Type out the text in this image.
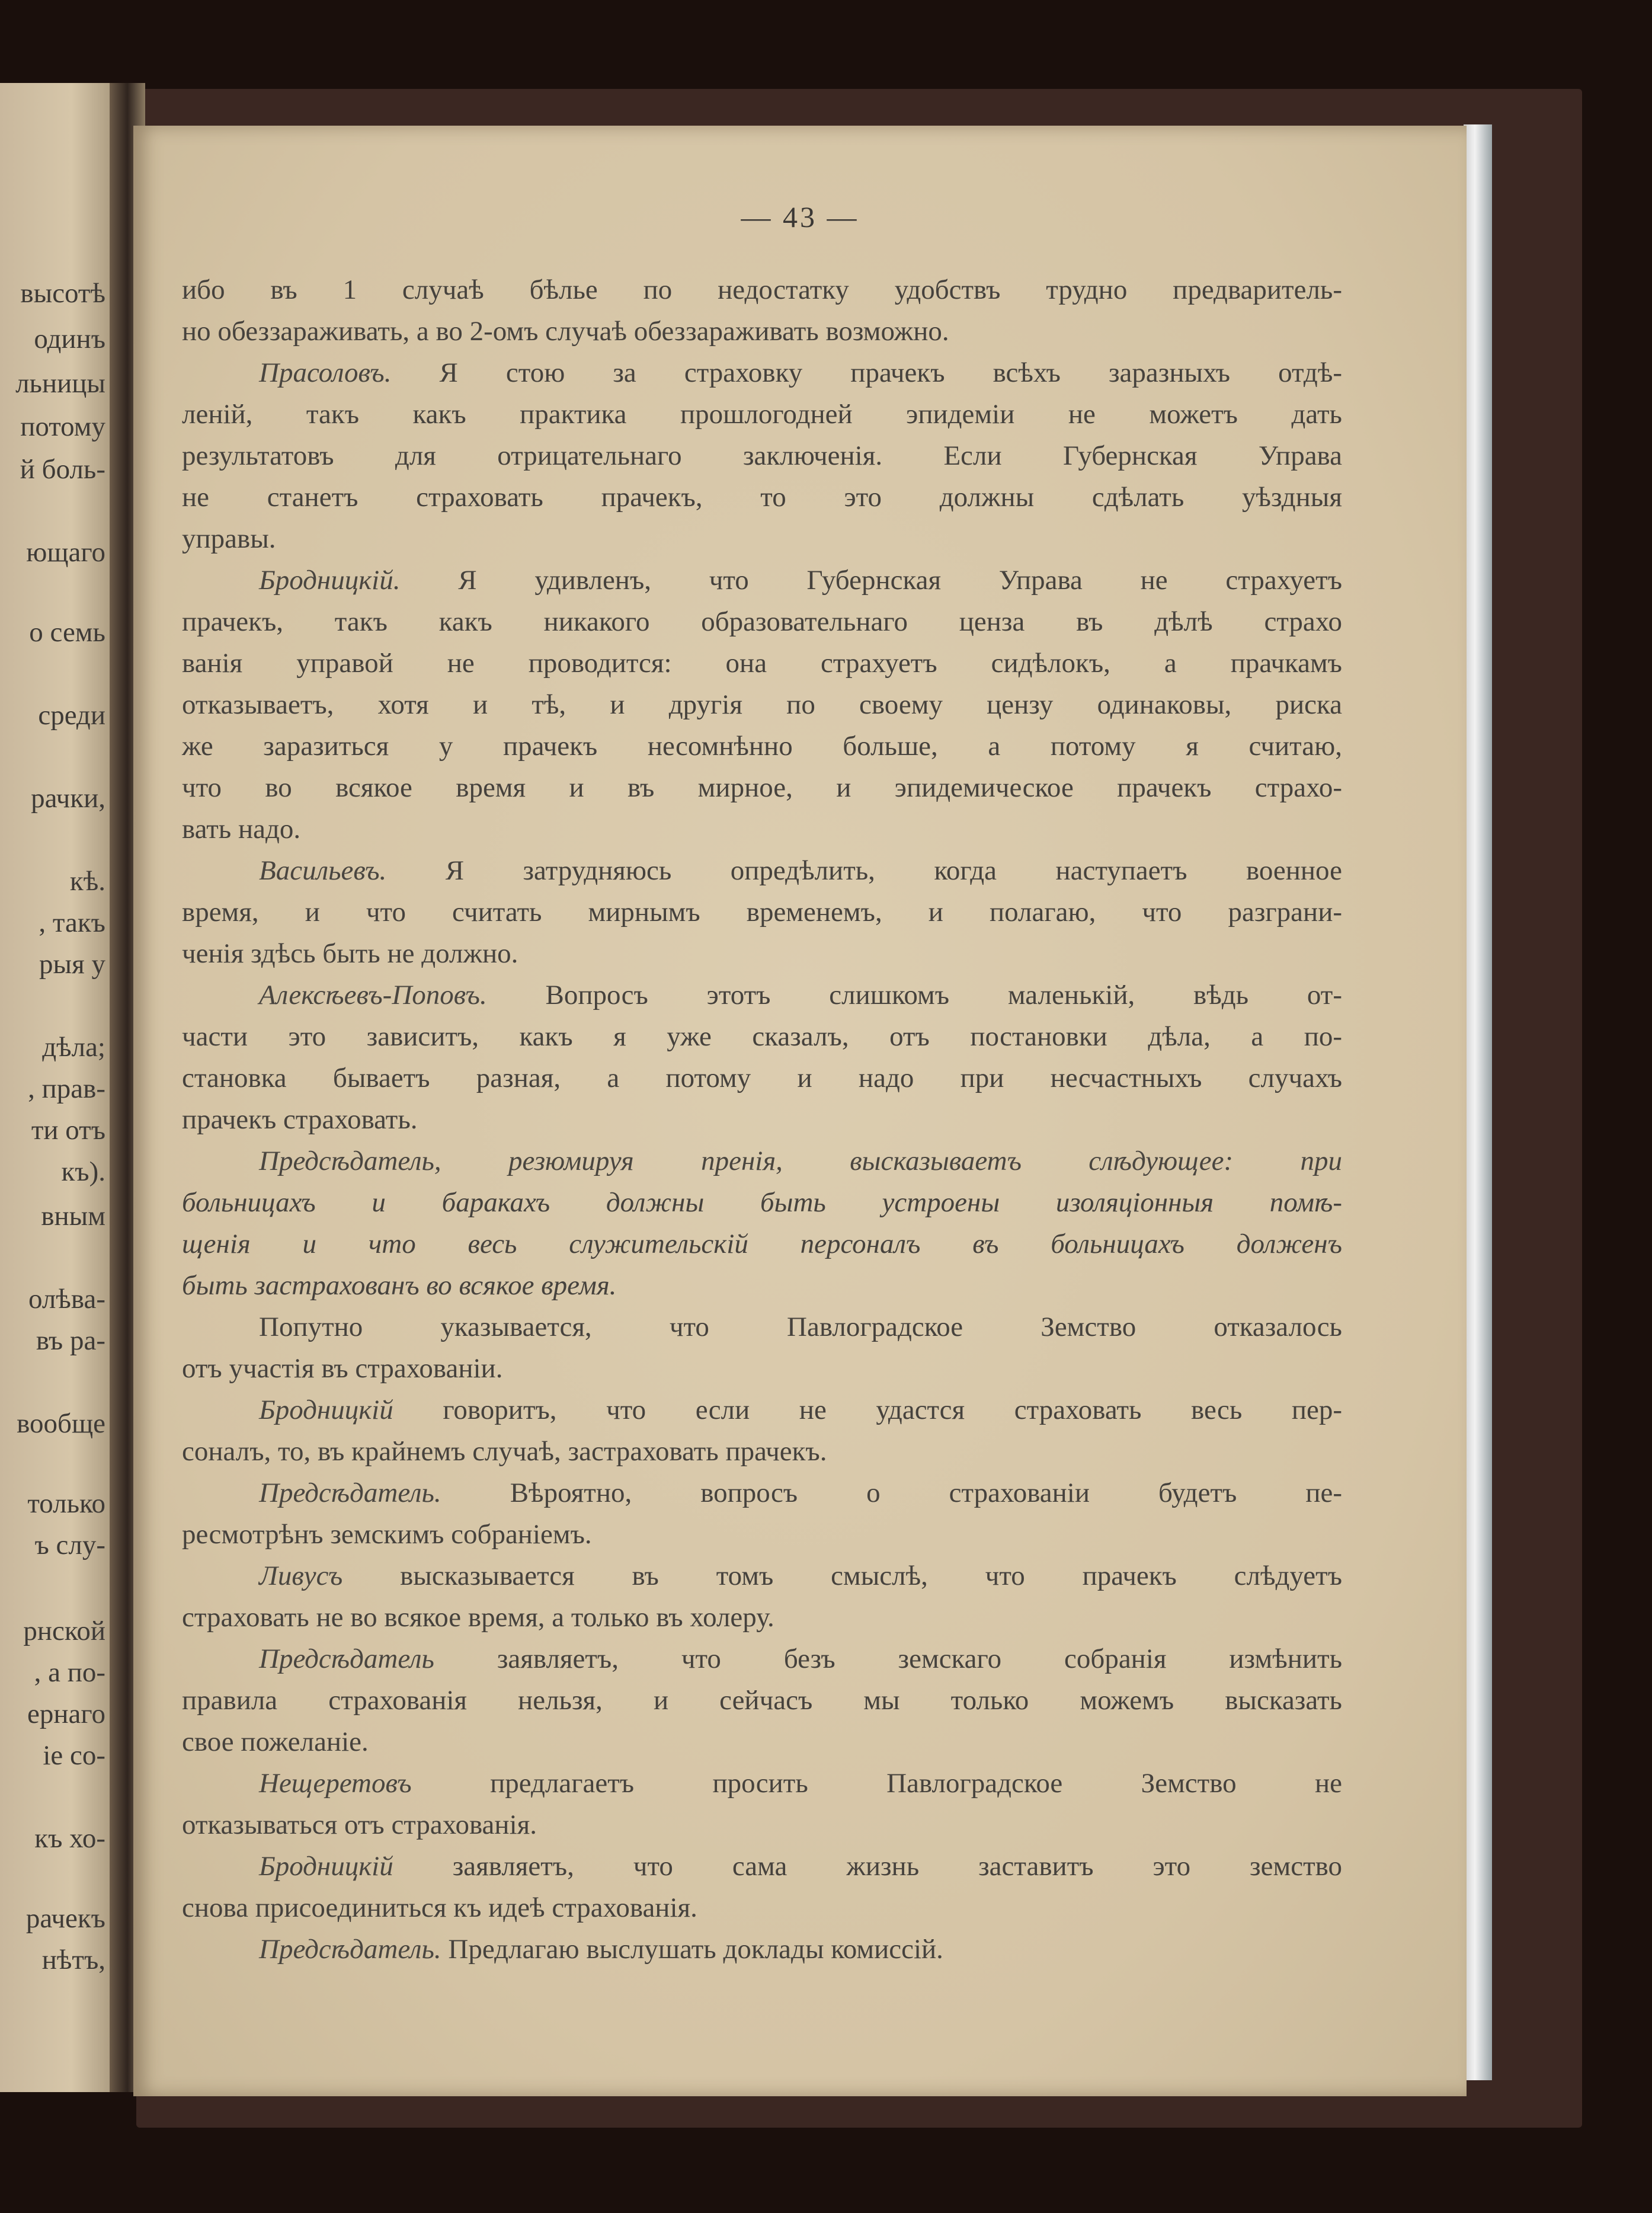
высотѣ
одинъ
льницы
потому
й боль-
ющаго
о семь
среди
рачки,
кѣ.
, такъ
рыя у
дѣла;
, прав-
ти отъ
къ).
вным
олѣва-
въ ра-
вообще
только
ъ слу-
рнской
, а по-
ернаго
іе со-
къ хо-
рачекъ
нѣтъ,
— 43 —
ибо въ 1 случаѣ бѣлье по недостатку удобствъ трудно предваритель-
но обеззараживать, а во 2-омъ случаѣ обеззараживать возможно.
Прасоловъ. Я стою за страховку прачекъ всѣхъ заразныхъ отдѣ-
леній, такъ какъ практика прошлогодней эпидеміи не можетъ дать
результатовъ для отрицательнаго заключенія. Если Губернская Управа
не станетъ страховать прачекъ, то это должны сдѣлать уѣздныя
управы.
Бродницкій. Я удивленъ, что Губернская Управа не страхуетъ
прачекъ, такъ какъ никакого образовательнаго ценза въ дѣлѣ страхо
ванія управой не проводится: она страхуетъ сидѣлокъ, а прачкамъ
отказываетъ, хотя и тѣ, и другія по своему цензу одинаковы, риска
же заразиться у прачекъ несомнѣнно больше, а потому я считаю,
что во всякое время и въ мирное, и эпидемическое прачекъ страхо-
вать надо.
Васильевъ. Я затрудняюсь опредѣлить, когда наступаетъ военное
время, и что считать мирнымъ временемъ, и полагаю, что разграни-
ченія здѣсь быть не должно.
Алексѣевъ-Поповъ. Вопросъ этотъ слишкомъ маленькій, вѣдь от-
части это зависитъ, какъ я уже сказалъ, отъ постановки дѣла, а по-
становка бываетъ разная, а потому и надо при несчастныхъ случахъ
прачекъ страховать.
Предсѣдатель, резюмируя пренія, высказываетъ слѣдующее: при
больницахъ и баракахъ должны быть устроены изоляціонныя помѣ-
щенія и что весь служительскій персоналъ въ больницахъ долженъ
быть застрахованъ во всякое время.
Попутно указывается, что Павлоградское Земство отказалось
отъ участія въ страхованіи.
Бродницкій говоритъ, что если не удастся страховать весь пер-
соналъ, то, въ крайнемъ случаѣ, застраховать прачекъ.
Предсѣдатель. Вѣроятно, вопросъ о страхованіи будетъ пе-
ресмотрѣнъ земскимъ собраніемъ.
Ливусъ высказывается въ томъ смыслѣ, что прачекъ слѣдуетъ
страховать не во всякое время, а только въ холеру.
Предсѣдатель заявляетъ, что безъ земскаго собранія измѣнить
правила страхованія нельзя, и сейчасъ мы только можемъ высказать
свое пожеланіе.
Нещеретовъ предлагаетъ просить Павлоградское Земство не
отказываться отъ страхованія.
Бродницкій заявляетъ, что сама жизнь заставитъ это земство
снова присоединиться къ идеѣ страхованія.
Предсѣдатель. Предлагаю выслушать доклады комиссій.
